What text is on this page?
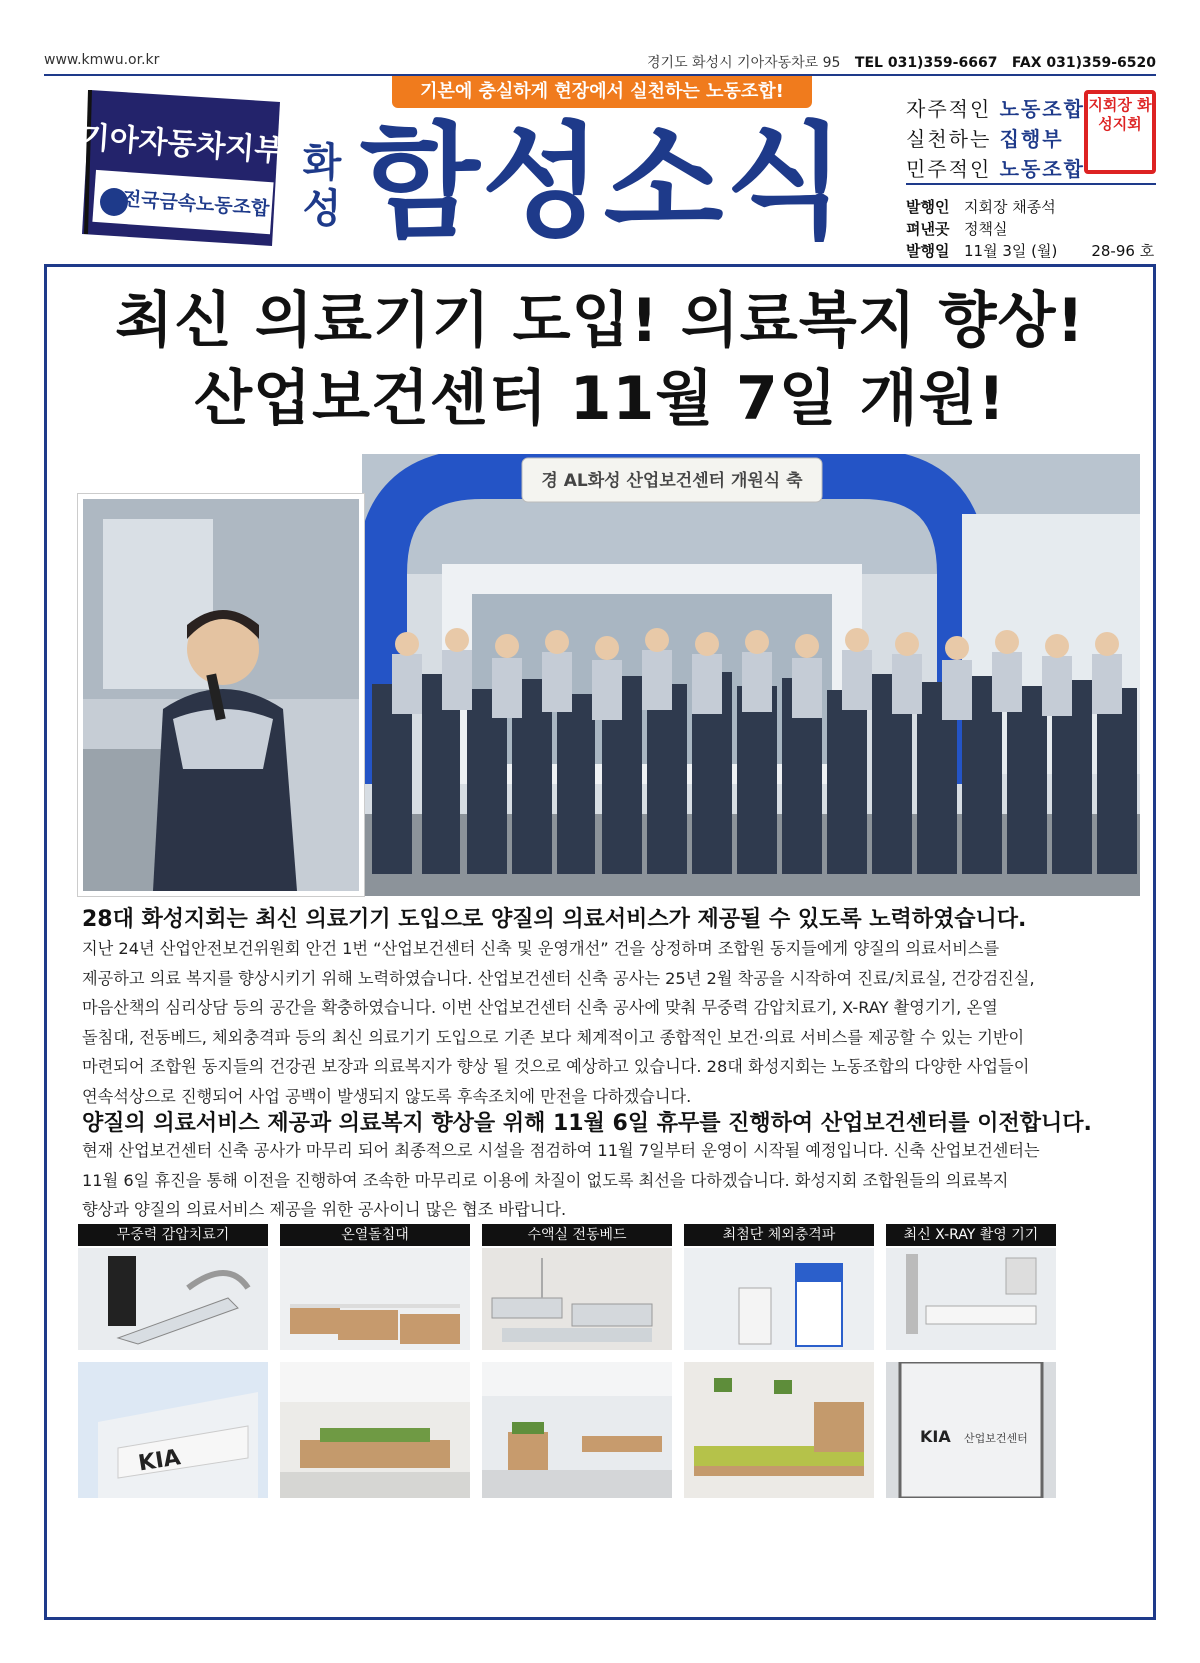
www.kmwu.or.kr	경기도 화성시 기아자동차로 95 TEL 031)359-6667 FAX 031)359-6520
기아자동차지부
전국금속노동조합
기본에 충실하게 현장에서 실천하는 노동조합!
화성 함성소식
자주적인 노동조합
실천하는 집행부
민주적인 노동조합
지회장 화성지회
발행인 지회장 채종석
펴낸곳 정책실
발행일 11월 3일 (월) 28-96 호
최신 의료기기 도입! 의료복지 향상!
산업보건센터 11월 7일 개원!
경 AL화성 산업보건센터 개원식 축
28대 화성지회는 최신 의료기기 도입으로 양질의 의료서비스가 제공될 수 있도록 노력하였습니다.
지난 24년 산업안전보건위원회 안건 1번 “산업보건센터 신축 및 운영개선” 건을 상정하며 조합원 동지들에게 양질의 의료서비스를
제공하고 의료 복지를 향상시키기 위해 노력하였습니다. 산업보건센터 신축 공사는 25년 2월 착공을 시작하여 진료/치료실, 건강검진실,
마음산책의 심리상담 등의 공간을 확충하였습니다. 이번 산업보건센터 신축 공사에 맞춰 무중력 감압치료기, X-RAY 촬영기기, 온열
돌침대, 전동베드, 체외충격파 등의 최신 의료기기 도입으로 기존 보다 체계적이고 종합적인 보건·의료 서비스를 제공할 수 있는 기반이
마련되어 조합원 동지들의 건강권 보장과 의료복지가 향상 될 것으로 예상하고 있습니다. 28대 화성지회는 노동조합의 다양한 사업들이
연속석상으로 진행되어 사업 공백이 발생되지 않도록 후속조치에 만전을 다하겠습니다.
양질의 의료서비스 제공과 의료복지 향상을 위해 11월 6일 휴무를 진행하여 산업보건센터를 이전합니다.
현재 산업보건센터 신축 공사가 마무리 되어 최종적으로 시설을 점검하여 11월 7일부터 운영이 시작될 예정입니다. 신축 산업보건센터는
11월 6일 휴진을 통해 이전을 진행하여 조속한 마무리로 이용에 차질이 없도록 최선을 다하겠습니다. 화성지회 조합원들의 의료복지
향상과 양질의 의료서비스 제공을 위한 공사이니 많은 협조 바랍니다.
무중력 감압치료기	온열돌침대	수액실 전동베드	최첨단 체외충격파	최신 X-RAY 촬영 기기
KIA
KIA 산업보건센터
